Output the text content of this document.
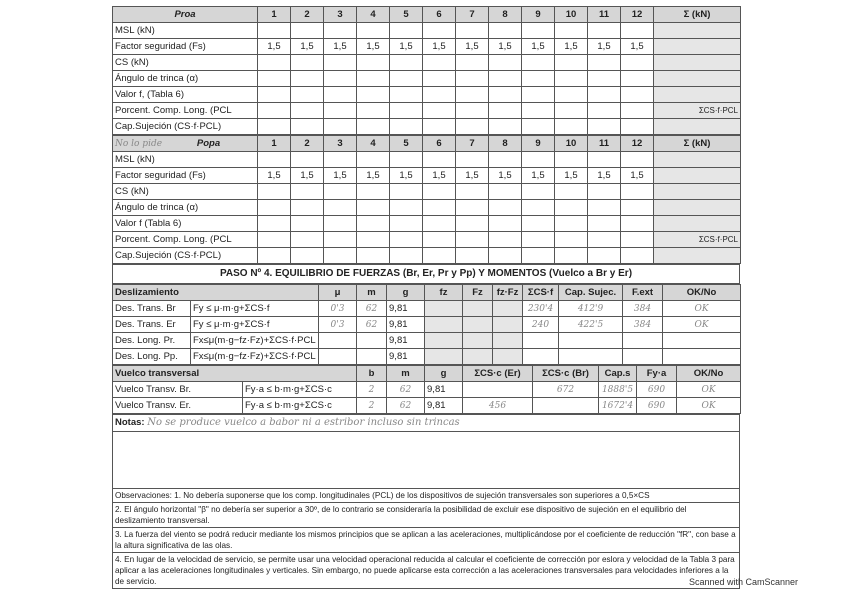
Proa	1	2	3	4	5	6	7	8	9	10	11	12	Σ (kN)
MSL (kN)													
Factor seguridad (Fs)	1,5	1,5	1,5	1,5	1,5	1,5	1,5	1,5	1,5	1,5	1,5	1,5	
CS (kN)													
Ángulo de trinca (α)													
Valor f, (Tabla 6)													
Porcent. Comp. Long. (PCL													ΣCS·f·PCL
Cap.Sujeción (CS·f·PCL)													
No lo pide Popa	1	2	3	4	5	6	7	8	9	10	11	12	Σ (kN)
MSL (kN)													
Factor seguridad (Fs)	1,5	1,5	1,5	1,5	1,5	1,5	1,5	1,5	1,5	1,5	1,5	1,5	
CS (kN)													
Ángulo de trinca (α)													
Valor f (Tabla 6)													
Porcent. Comp. Long. (PCL													ΣCS·f·PCL
Cap.Sujeción (CS·f·PCL)													
PASO Nº 4. EQUILIBRIO DE FUERZAS (Br, Er, Pr y Pp) Y MOMENTOS (Vuelco a Br y Er)
Deslizamiento		μ	m	g	fz	Fz	fz·Fz	ΣCS·f	Cap. Sujec.	F.ext	OK/No
Des. Trans. Br	Fy ≤ μ·m·g+ΣCS·f	0'3	62	9,81				230'4	412'9	384	OK
Des. Trans. Er	Fy ≤ μ·m·g+ΣCS·f	0'3	62	9,81				240	422'5	384	OK
Des. Long. Pr.	Fx≤μ(m·g−fz·Fz)+ΣCS·f·PCL			9,81							
Des. Long. Pp.	Fx≤μ(m·g−fz·Fz)+ΣCS·f·PCL			9,81							
Vuelco transversal		b	m	g	ΣCS·c (Er)	ΣCS·c (Br)	Cap.s	Fy·a	OK/No
Vuelco Transv. Br.	Fy·a ≤ b·m·g+ΣCS·c	2	62	9,81		672	1888'5	690	OK
Vuelco Transv. Er.	Fy·a ≤ b·m·g+ΣCS·c	2	62	9,81	456		1672'4	690	OK
Notas: No se produce vuelco a babor ni a estribor incluso sin trincas
Observaciones: 1. No debería suponerse que los comp. longitudinales (PCL) de los dispositivos de sujeción transversales son superiores a 0,5×CS
2. El ángulo horizontal "β" no debería ser superior a 30º, de lo contrario se consideraría la posibilidad de excluir ese dispositivo de sujeción en el equilibrio del deslizamiento transversal.
3. La fuerza del viento se podrá reducir mediante los mismos principios que se aplican a las aceleraciones, multiplicándose por el coeficiente de reducción "fR", con base a la altura significativa de las olas.
4. En lugar de la velocidad de servicio, se permite usar una velocidad operacional reducida al calcular el coeficiente de corrección por eslora y velocidad de la Tabla 3 para aplicar a las aceleraciones longitudinales y verticales. Sin embargo, no puede aplicarse esta corrección a las aceleraciones transversales para velocidades inferiores a la de servicio.	Scanned with CamScanner
